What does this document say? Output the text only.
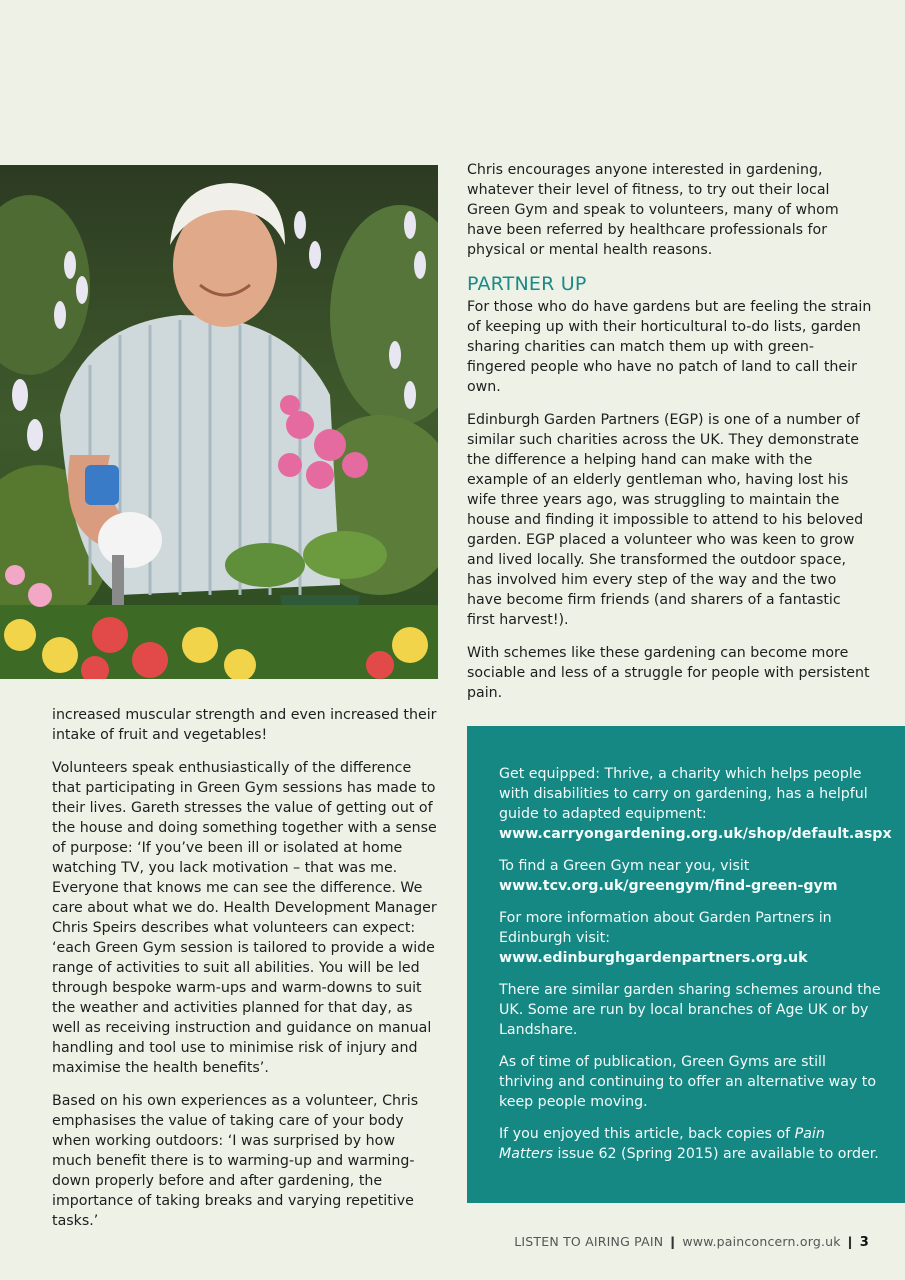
Chris encourages anyone interested in gardening, whatever their level of fitness, to try out their local Green Gym and speak to volunteers, many of whom have been referred by healthcare professionals for physical or mental health reasons.

PARTNER UP

For those who do have gardens but are feeling the strain of keeping up with their horticultural to-do lists, garden sharing charities can match them up with green-fingered people who have no patch of land to call their own.

Edinburgh Garden Partners (EGP) is one of a number of similar such charities across the UK. They demonstrate the difference a helping hand can make with the example of an elderly gentleman who, having lost his wife three years ago, was struggling to maintain the house and finding it impossible to attend to his beloved garden. EGP placed a volunteer who was keen to grow and lived locally. She transformed the outdoor space, has involved him every step of the way and the two have become firm friends (and sharers of a fantastic first harvest!).

With schemes like these gardening can become more sociable and less of a struggle for people with persistent pain.

increased muscular strength and even increased their intake of fruit and vegetables!

Volunteers speak enthusiastically of the difference that participating in Green Gym sessions has made to their lives. Gareth stresses the value of getting out of the house and doing something together with a sense of purpose: ‘If you’ve been ill or isolated at home watching TV, you lack motivation – that was me. Everyone that knows me can see the difference. We care about what we do. Health Development Manager Chris Speirs describes what volunteers can expect: ‘each Green Gym session is tailored to provide a wide range of activities to suit all abilities. You will be led through bespoke warm-ups and warm-downs to suit the weather and activities planned for that day, as well as receiving instruction and guidance on manual handling and tool use to minimise risk of injury and maximise the health benefits’.

Based on his own experiences as a volunteer, Chris emphasises the value of taking care of your body when working outdoors: ‘I was surprised by how much benefit there is to warming-up and warming-down properly before and after gardening, the importance of taking breaks and varying repetitive tasks.’

Get equipped: Thrive, a charity which helps people with disabilities to carry on gardening, has a helpful guide to adapted equipment:
www.carryongardening.org.uk/shop/default.aspx

To find a Green Gym near you, visit
www.tcv.org.uk/greengym/find-green-gym

For more information about Garden Partners in Edinburgh visit:
www.edinburghgardenpartners.org.uk

There are similar garden sharing schemes around the UK. Some are run by local branches of Age UK or by Landshare.

As of time of publication, Green Gyms are still thriving and continuing to offer an alternative way to keep people moving.

If you enjoyed this article, back copies of Pain Matters issue 62 (Spring 2015) are available to order.

LISTEN TO AIRING PAIN ❙ www.painconcern.org.uk ❙ 3
